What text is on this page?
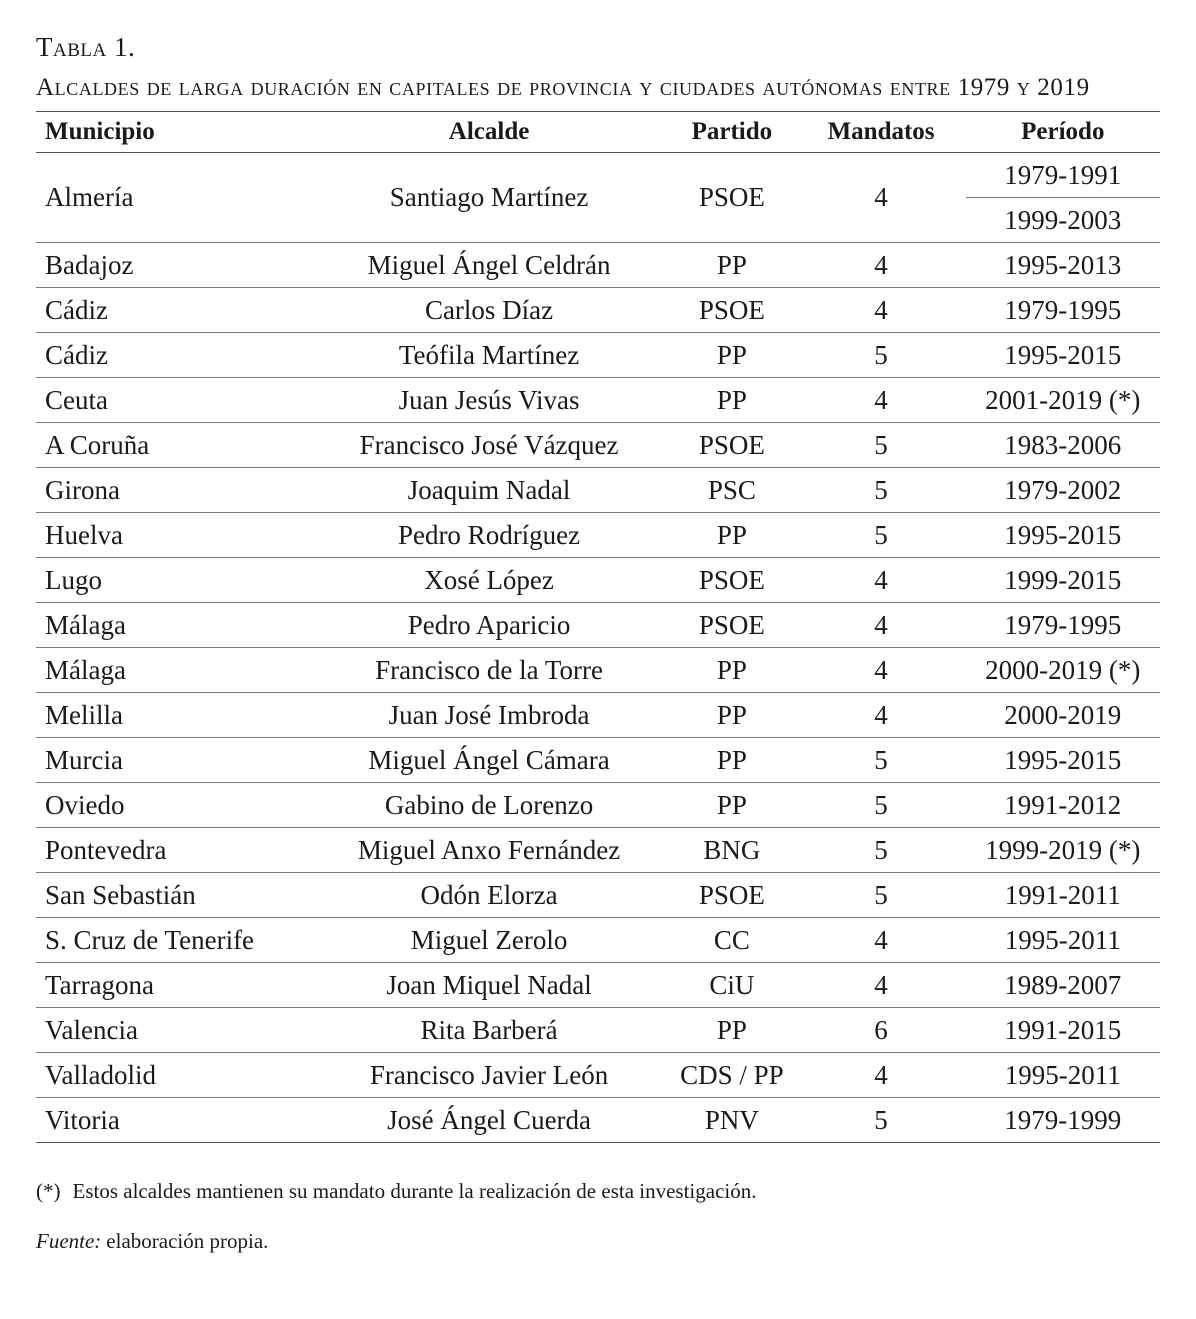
Tabla 1.

Alcaldes de larga duración en capitales de provincia y ciudades autónomas entre 1979 y 2019

Municipio	Alcalde	Partido	Mandatos	Período
Almería	Santiago Martínez	PSOE	4	1979-1991
				1999-2003
Badajoz	Miguel Ángel Celdrán	PP	4	1995-2013
Cádiz	Carlos Díaz	PSOE	4	1979-1995
Cádiz	Teófila Martínez	PP	5	1995-2015
Ceuta	Juan Jesús Vivas	PP	4	2001-2019 (*)
A Coruña	Francisco José Vázquez	PSOE	5	1983-2006
Girona	Joaquim Nadal	PSC	5	1979-2002
Huelva	Pedro Rodríguez	PP	5	1995-2015
Lugo	Xosé López	PSOE	4	1999-2015
Málaga	Pedro Aparicio	PSOE	4	1979-1995
Málaga	Francisco de la Torre	PP	4	2000-2019 (*)
Melilla	Juan José Imbroda	PP	4	2000-2019
Murcia	Miguel Ángel Cámara	PP	5	1995-2015
Oviedo	Gabino de Lorenzo	PP	5	1991-2012
Pontevedra	Miguel Anxo Fernández	BNG	5	1999-2019 (*)
San Sebastián	Odón Elorza	PSOE	5	1991-2011
S. Cruz de Tenerife	Miguel Zerolo	CC	4	1995-2011
Tarragona	Joan Miquel Nadal	CiU	4	1989-2007
Valencia	Rita Barberá	PP	6	1991-2015
Valladolid	Francisco Javier León	CDS / PP	4	1995-2011
Vitoria	José Ángel Cuerda	PNV	5	1979-1999

(*) Estos alcaldes mantienen su mandato durante la realización de esta investigación.

Fuente: elaboración propia.
